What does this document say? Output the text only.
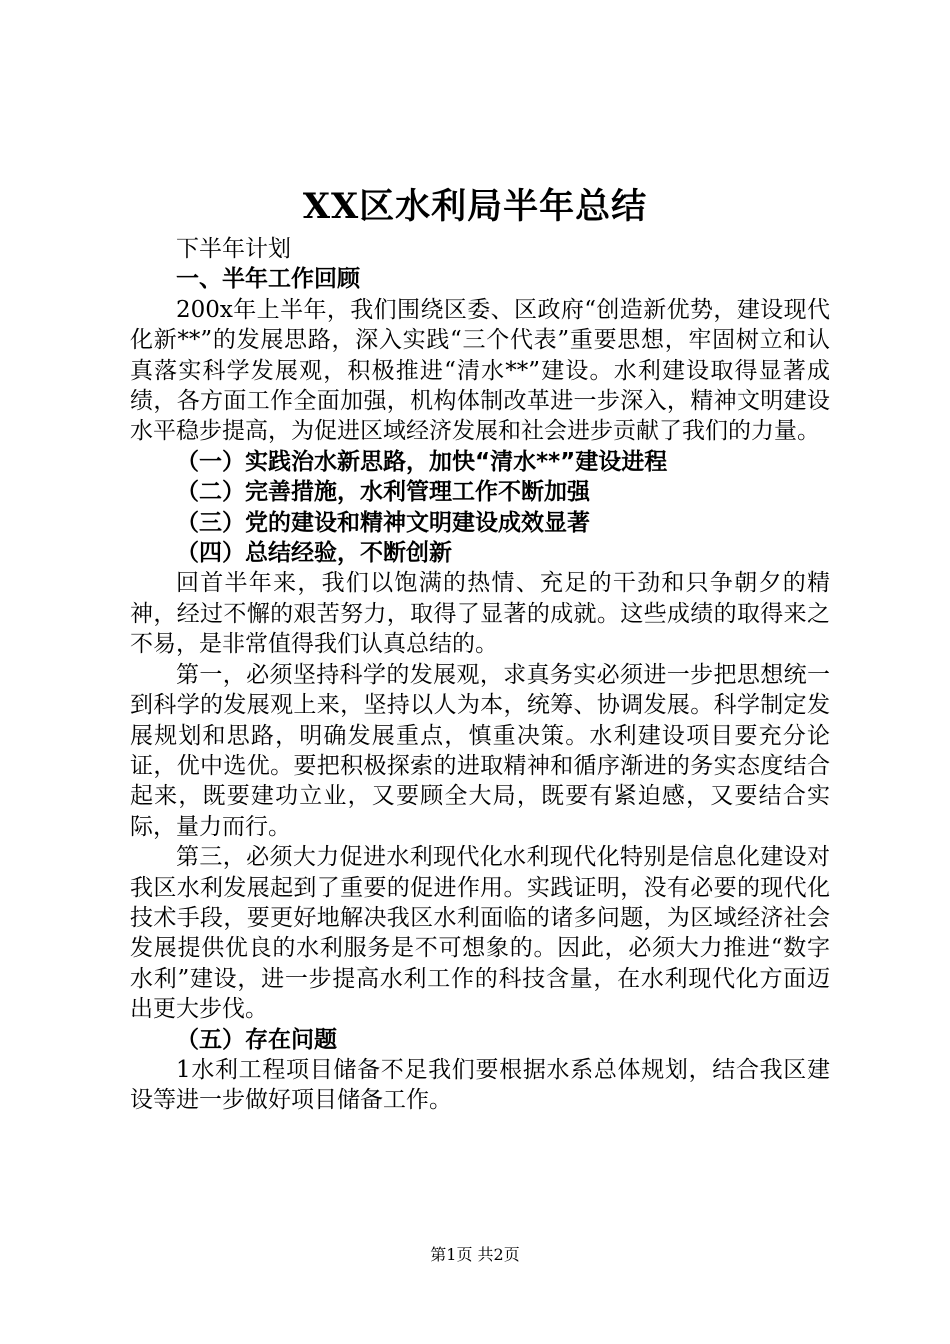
XX区水利局半年总结

下半年计划

一、半年工作回顾

200x年上半年，我们围绕区委、区政府“创造新优势，建设现代化新**”的发展思路，深入实践“三个代表”重要思想，牢固树立和认真落实科学发展观，积极推进“清水**”建设。水利建设取得显著成绩，各方面工作全面加强，机构体制改革进一步深入，精神文明建设水平稳步提高，为促进区域经济发展和社会进步贡献了我们的力量。

（一）实践治水新思路，加快“清水**”建设进程

（二）完善措施，水利管理工作不断加强

（三）党的建设和精神文明建设成效显著

（四）总结经验，不断创新

回首半年来，我们以饱满的热情、充足的干劲和只争朝夕的精神，经过不懈的艰苦努力，取得了显著的成就。这些成绩的取得来之不易，是非常值得我们认真总结的。

第一，必须坚持科学的发展观，求真务实必须进一步把思想统一到科学的发展观上来，坚持以人为本，统筹、协调发展。科学制定发展规划和思路，明确发展重点，慎重决策。水利建设项目要充分论证，优中选优。要把积极探索的进取精神和循序渐进的务实态度结合起来，既要建功立业，又要顾全大局，既要有紧迫感，又要结合实际，量力而行。

第三，必须大力促进水利现代化水利现代化特别是信息化建设对我区水利发展起到了重要的促进作用。实践证明，没有必要的现代化技术手段，要更好地解决我区水利面临的诸多问题，为区域经济社会发展提供优良的水利服务是不可想象的。因此，必须大力推进“数字水利”建设，进一步提高水利工作的科技含量，在水利现代化方面迈出更大步伐。

（五）存在问题

1水利工程项目储备不足我们要根据水系总体规划，结合我区建设等进一步做好项目储备工作。

第1页 共2页
